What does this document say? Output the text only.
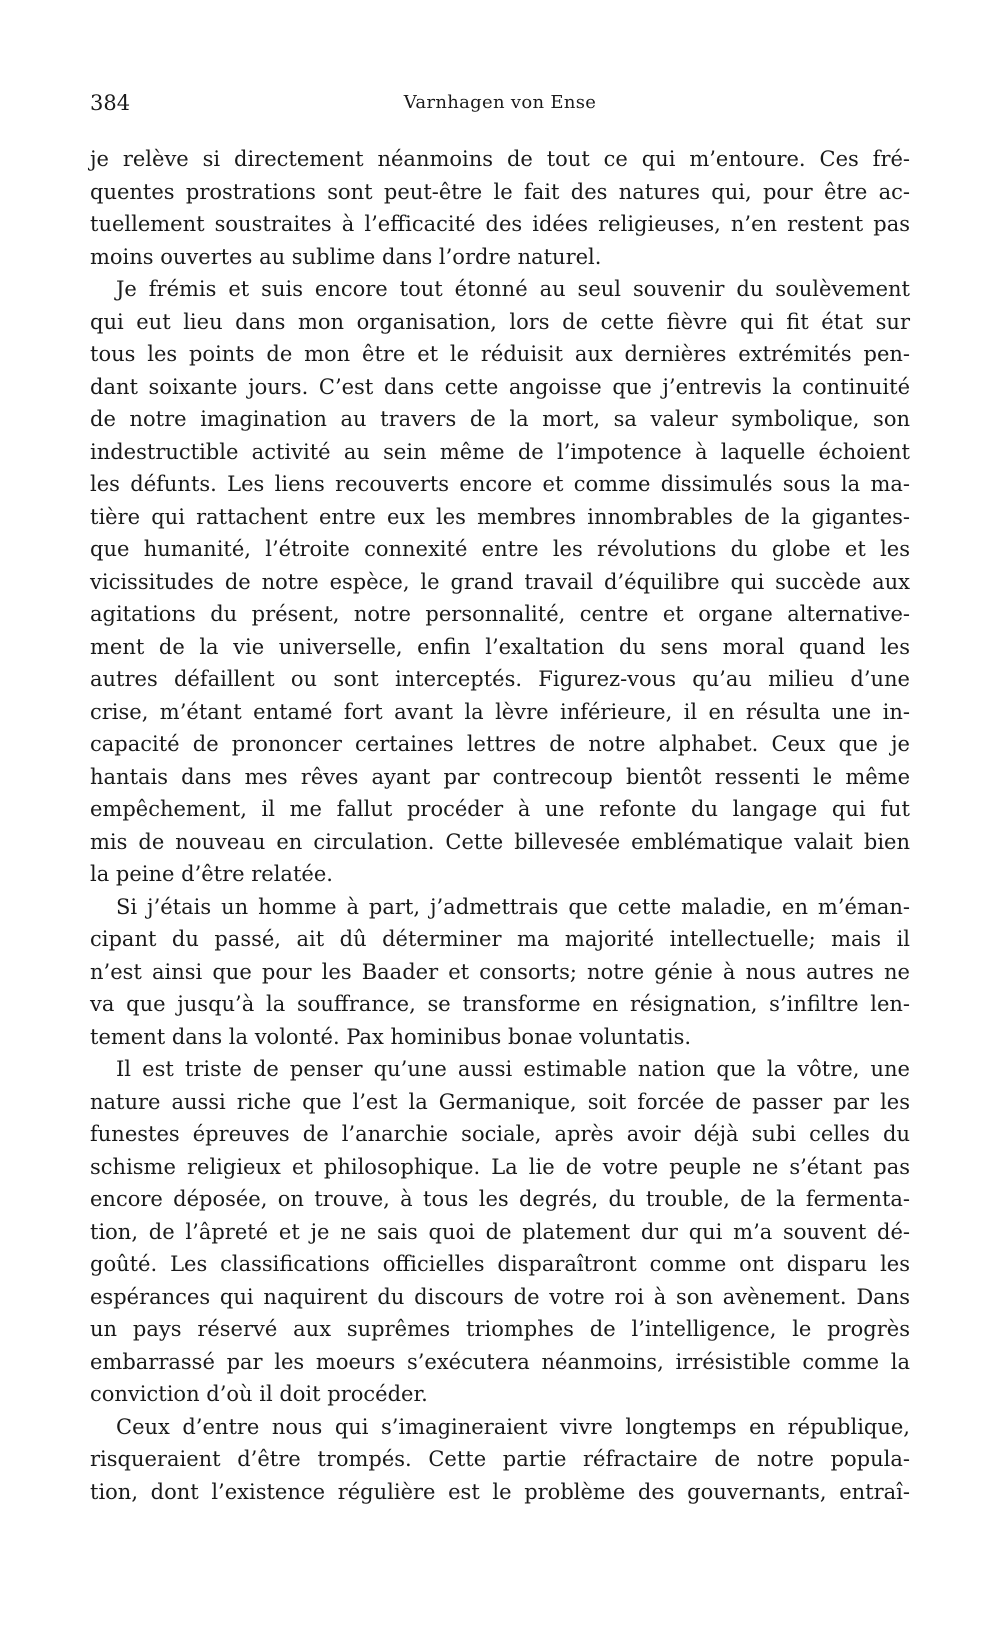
384	Varnhagen von Ense

je relève si directement néanmoins de tout ce qui m’entoure. Ces fré-
quentes prostrations sont peut-être le fait des natures qui, pour être ac-
tuellement soustraites à l’efficacité des idées religieuses, n’en restent pas
moins ouvertes au sublime dans l’ordre naturel.

Je frémis et suis encore tout étonné au seul souvenir du soulèvement
qui eut lieu dans mon organisation, lors de cette fièvre qui fit état sur
tous les points de mon être et le réduisit aux dernières extrémités pen-
dant soixante jours. C’est dans cette angoisse que j’entrevis la continuité
de notre imagination au travers de la mort, sa valeur symbolique, son
indestructible activité au sein même de l’impotence à laquelle échoient
les défunts. Les liens recouverts encore et comme dissimulés sous la ma-
tière qui rattachent entre eux les membres innombrables de la gigantes-
que humanité, l’étroite connexité entre les révolutions du globe et les
vicissitudes de notre espèce, le grand travail d’équilibre qui succède aux
agitations du présent, notre personnalité, centre et organe alternative-
ment de la vie universelle, enfin l’exaltation du sens moral quand les
autres défaillent ou sont interceptés. Figurez-vous qu’au milieu d’une
crise, m’étant entamé fort avant la lèvre inférieure, il en résulta une in-
capacité de prononcer certaines lettres de notre alphabet. Ceux que je
hantais dans mes rêves ayant par contrecoup bientôt ressenti le même
empêchement, il me fallut procéder à une refonte du langage qui fut
mis de nouveau en circulation. Cette billevesée emblématique valait bien
la peine d’être relatée.

Si j’étais un homme à part, j’admettrais que cette maladie, en m’éman-
cipant du passé, ait dû déterminer ma majorité intellectuelle; mais il
n’est ainsi que pour les Baader et consorts; notre génie à nous autres ne
va que jusqu’à la souffrance, se transforme en résignation, s’infiltre len-
tement dans la volonté. Pax hominibus bonae voluntatis.

Il est triste de penser qu’une aussi estimable nation que la vôtre, une
nature aussi riche que l’est la Germanique, soit forcée de passer par les
funestes épreuves de l’anarchie sociale, après avoir déjà subi celles du
schisme religieux et philosophique. La lie de votre peuple ne s’étant pas
encore déposée, on trouve, à tous les degrés, du trouble, de la fermenta-
tion, de l’âpreté et je ne sais quoi de platement dur qui m’a souvent dé-
goûté. Les classifications officielles disparaîtront comme ont disparu les
espérances qui naquirent du discours de votre roi à son avènement. Dans
un pays réservé aux suprêmes triomphes de l’intelligence, le progrès
embarrassé par les moeurs s’exécutera néanmoins, irrésistible comme la
conviction d’où il doit procéder.

Ceux d’entre nous qui s’imagineraient vivre longtemps en république,
risqueraient d’être trompés. Cette partie réfractaire de notre popula-
tion, dont l’existence régulière est le problème des gouvernants, entraî-
